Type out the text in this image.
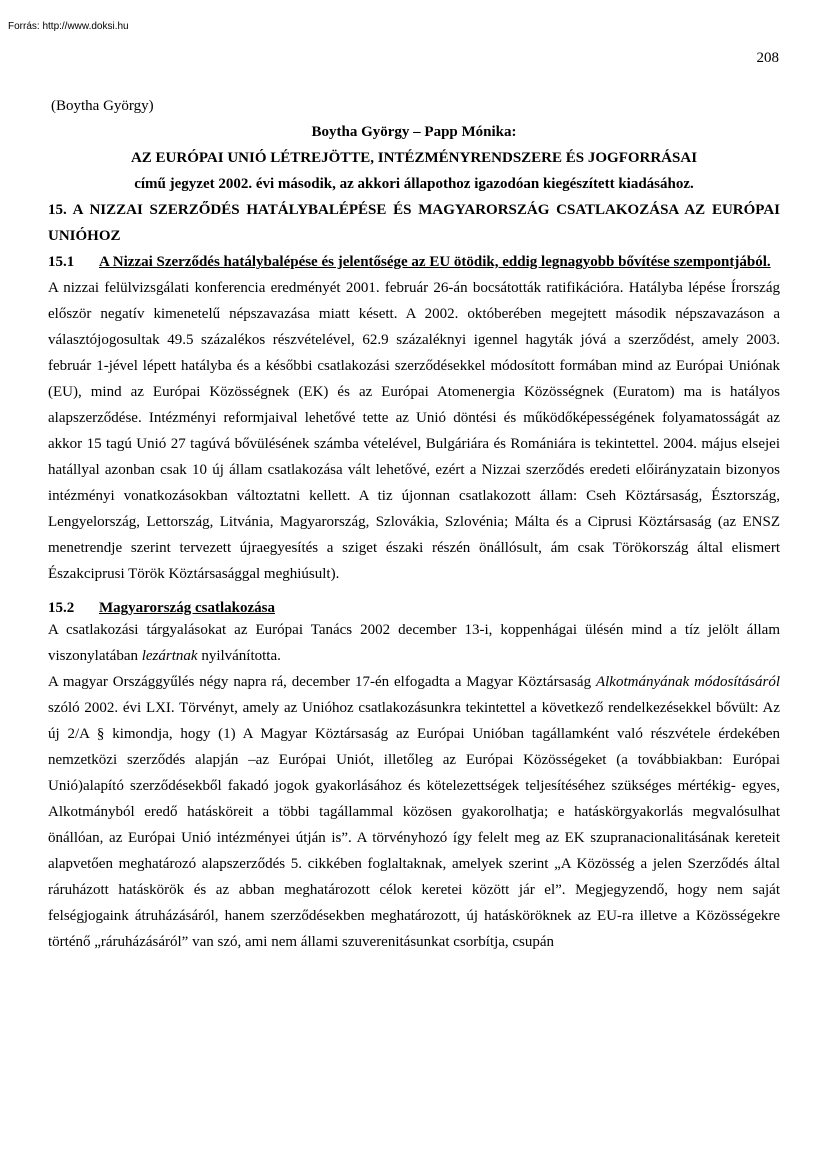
Forrás: http://www.doksi.hu
208

(Boytha György)

Boytha György – Papp Mónika:

AZ EURÓPAI UNIÓ LÉTREJÖTTE, INTÉZMÉNYRENDSZERE ÉS JOGFORRÁSAI

című jegyzet 2002. évi második, az akkori állapothoz igazodóan kiegészített kiadásához.

15. A NIZZAI SZERZŐDÉS HATÁLYBALÉPÉSE ÉS MAGYARORSZÁG CSATLAKOZÁSA AZ EURÓPAI UNIÓHOZ

15.1	A Nizzai Szerződés hatálybalépése és jelentősége az EU ötödik, eddig legnagyobb bővítése szempontjából.

A nizzai felülvizsgálati konferencia eredményét 2001. február 26-án bocsátották ratifikációra. Hatályba lépése Írország először negatív kimenetelű népszavazása miatt késett. A 2002. októberében megejtett második népszavazáson a választójogosultak 49.5 százalékos részvételével, 62.9 százaléknyi igennel hagyták jóvá a szerződést, amely 2003. február 1-jével lépett hatályba és a későbbi csatlakozási szerződésekkel módosított formában mind az Európai Uniónak (EU), mind az Európai Közösségnek (EK) és az Európai Atomenergia Közösségnek (Euratom) ma is hatályos alapszerződése. Intézményi reformjaival lehetővé tette az Unió döntési és működőképességének folyamatosságát az akkor 15 tagú Unió 27 tagúvá bővülésének számba vételével, Bulgáriára és Romániára is tekintettel. 2004. május elsejei hatállyal azonban csak 10 új állam csatlakozása vált lehetővé, ezért a Nizzai szerződés eredeti előirányzatain bizonyos intézményi vonatkozásokban változtatni kellett. A tiz újonnan csatlakozott állam: Cseh Köztársaság, Észtország, Lengyelország, Lettország, Litvánia, Magyarország, Szlovákia, Szlovénia; Málta és a Ciprusi Köztársaság (az ENSZ menetrendje szerint tervezett újraegyesítés a sziget északi részén önállósult, ám csak Törökország által elismert Északciprusi Török Köztársasággal meghiúsult).

15.2	Magyarország csatlakozása

A csatlakozási tárgyalásokat az Európai Tanács 2002 december 13-i, koppenhágai ülésén mind a tíz jelölt állam viszonylatában lezártnak nyilvánította.

A magyar Országgyűlés négy napra rá, december 17-én elfogadta a Magyar Köztársaság Alkotmányának módosításáról szóló 2002. évi LXI. Törvényt, amely az Unióhoz csatlakozásunkra tekintettel a következő rendelkezésekkel bővült: Az új 2/A § kimondja, hogy (1) A Magyar Köztársaság az Európai Unióban tagállamként való részvétele érdekében nemzetközi szerződés alapján –az Európai Uniót, illetőleg az Európai Közösségeket (a továbbiakban: Európai Unió)alapító szerződésekből fakadó jogok gyakorlásához és kötelezettségek teljesítéséhez szükséges mértékig- egyes, Alkotmányból eredő hatásköreit a többi tagállammal közösen gyakorolhatja; e hatáskörgyakorlás megvalósulhat önállóan, az Európai Unió intézményei útján is”. A törvényhozó így felelt meg az EK szupranacionalitásának kereteit alapvetően meghatározó alapszerződés 5. cikkében foglaltaknak, amelyek szerint „A Közösség a jelen Szerződés által ráruházott hatáskörök és az abban meghatározott célok keretei között jár el”. Megjegyzendő, hogy nem saját felségjogaink átruházásáról, hanem szerződésekben meghatározott, új hatásköröknek az EU-ra illetve a Közösségekre történő „ráruházásáról” van szó, ami nem állami szuverenitásunkat csorbítja, csupán
